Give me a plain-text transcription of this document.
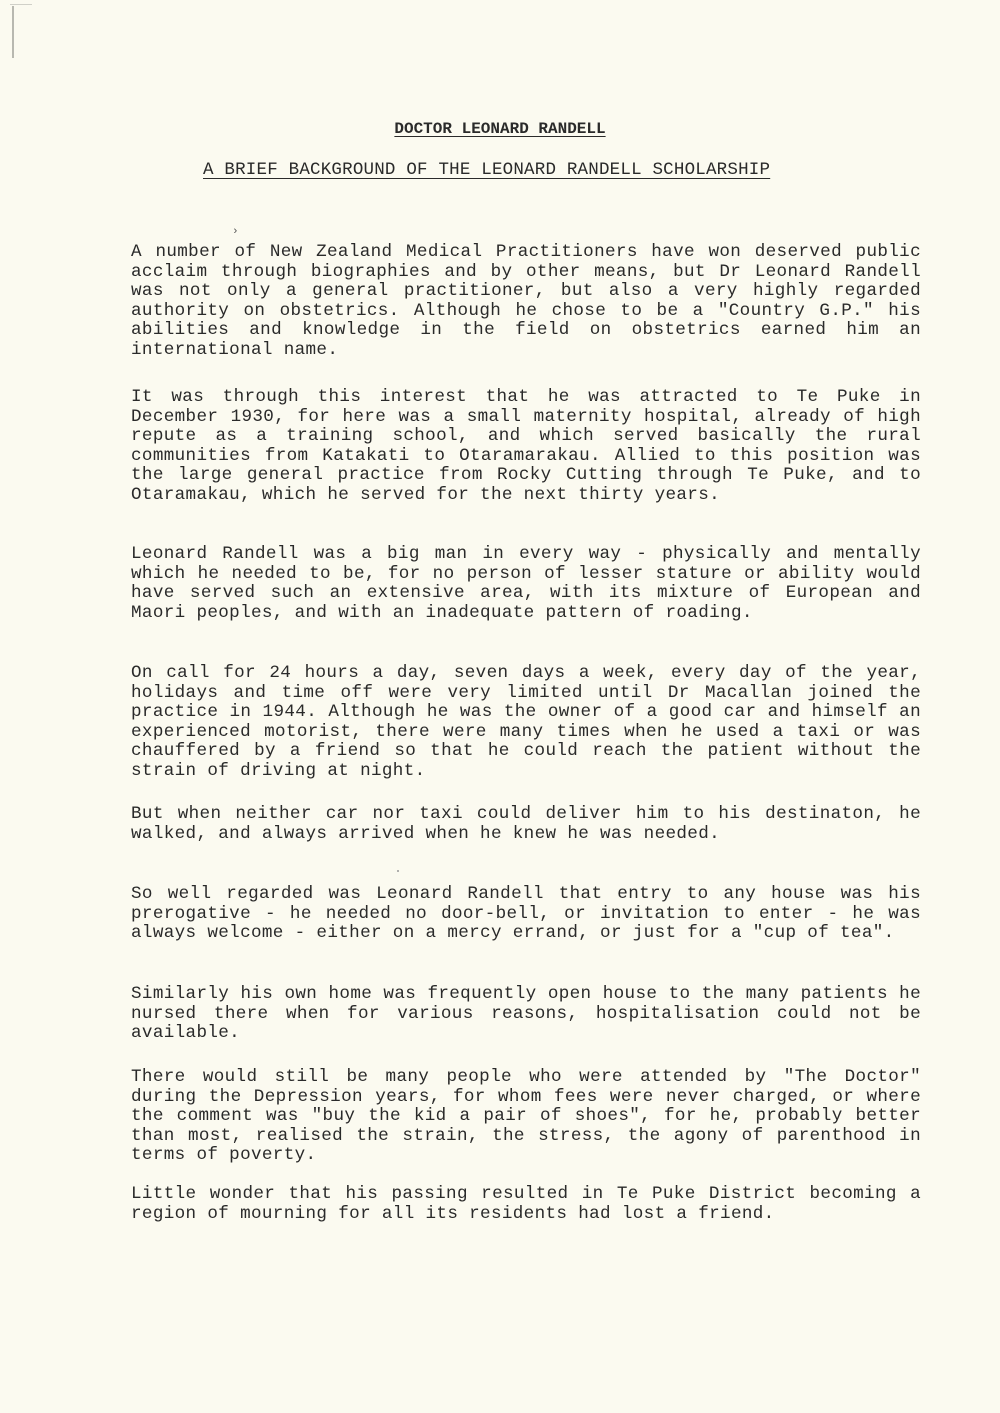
DOCTOR LEONARD RANDELL
A BRIEF BACKGROUND OF THE LEONARD RANDELL SCHOLARSHIP
›

A number of New Zealand Medical Practitioners have won deserved public acclaim through biographies and by other means, but Dr Leonard Randell was not only a general practitioner, but also a very highly regarded authority on obstetrics. Although he chose to be a "Country G.P." his abilities and knowledge in the field on obstetrics earned him an international name.

It was through this interest that he was attracted to Te Puke in December 1930, for here was a small maternity hospital, already of high repute as a training school, and which served basically the rural communities from Katakati to Otaramarakau. Allied to this position was the large general practice from Rocky Cutting through Te Puke, and to Otaramakau, which he served for the next thirty years.

Leonard Randell was a big man in every way - physically and mentally which he needed to be, for no person of lesser stature or ability would have served such an extensive area, with its mixture of European and Maori peoples, and with an inadequate pattern of roading.

On call for 24 hours a day, seven days a week, every day of the year, holidays and time off were very limited until Dr Macallan joined the practice in 1944. Although he was the owner of a good car and himself an experienced motorist, there were many times when he used a taxi or was chauffered by a friend so that he could reach the patient without the strain of driving at night.

But when neither car nor taxi could deliver him to his destinaton, he walked, and always arrived when he knew he was needed.

So well regarded was Leonard Randell that entry to any house was his prerogative - he needed no door-bell, or invitation to enter - he was always welcome - either on a mercy errand, or just for a "cup of tea".

Similarly his own home was frequently open house to the many patients he nursed there when for various reasons, hospitalisation could not be available.

There would still be many people who were attended by "The Doctor" during the Depression years, for whom fees were never charged, or where the comment was "buy the kid a pair of shoes", for he, probably better than most, realised the strain, the stress, the agony of parenthood in terms of poverty.

Little wonder that his passing resulted in Te Puke District becoming a region of mourning for all its residents had lost a friend.
